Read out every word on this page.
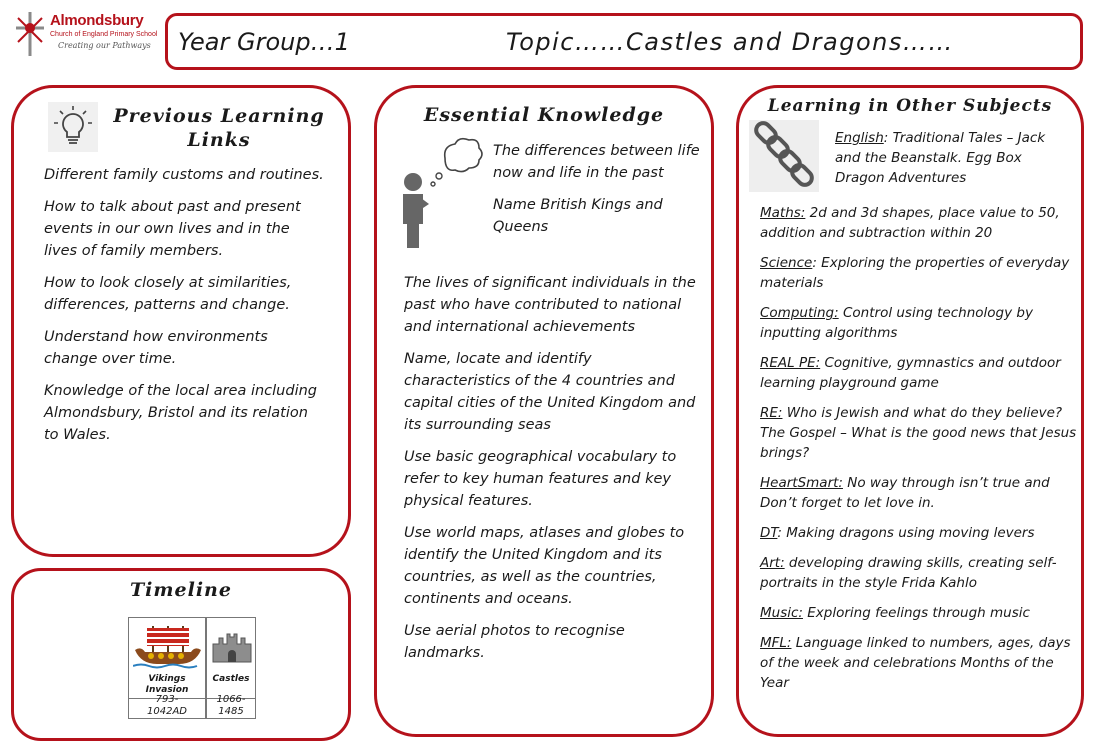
Almondsbury
Church of England Primary School
Creating our Pathways Year Group…1	Topic……Castles and Dragons……
Previous Learning Links

Different family customs and routines.

How to talk about past and present events in our own lives and in the lives of family members.

How to look closely at similarities, differences, patterns and change.

Understand how environments change over time.

Knowledge of the local area including Almondsbury, Bristol and its relation to Wales.

Timeline
Vikings Invasion
793-1042AD
Castles
1066-1485
Essential Knowledge

The differences between life now and life in the past

Name British Kings and Queens

The lives of significant individuals in the past who have contributed to national and international achievements

Name, locate and identify characteristics of the 4 countries and capital cities of the United Kingdom and its surrounding seas

Use basic geographical vocabulary to refer to key human features and key physical features.

Use world maps, atlases and globes to identify the United Kingdom and its countries, as well as the countries, continents and oceans.

Use aerial photos to recognise landmarks.

Learning in Other Subjects
English: Traditional Tales – Jack and the Beanstalk. Egg Box Dragon Adventures

Maths: 2d and 3d shapes, place value to 50, addition and subtraction within 20

Science: Exploring the properties of everyday materials

Computing: Control using technology by inputting algorithms

REAL PE: Cognitive, gymnastics and outdoor learning playground game

RE: Who is Jewish and what do they believe? The Gospel – What is the good news that Jesus brings?

HeartSmart: No way through isn’t true and Don’t forget to let love in.

DT: Making dragons using moving levers

Art: developing drawing skills, creating self-portraits in the style Frida Kahlo

Music: Exploring feelings through music

MFL: Language linked to numbers, ages, days of the week and celebrations Months of the Year
